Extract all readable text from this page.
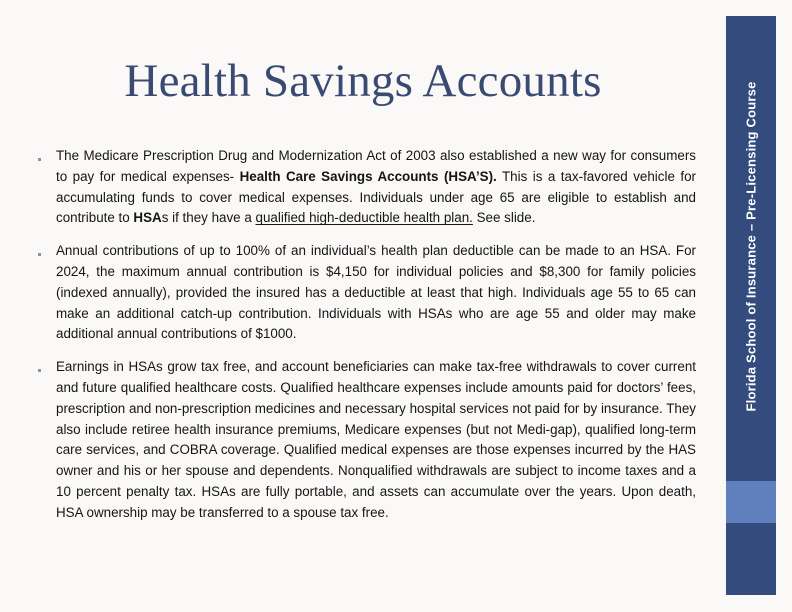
Health Savings Accounts
The Medicare Prescription Drug and Modernization Act of 2003 also established a new way for consumers to pay for medical expenses- Health Care Savings Accounts (HSA’S). This is a tax-favored vehicle for accumulating funds to cover medical expenses. Individuals under age 65 are eligible to establish and contribute to HSAs if they have a qualified high-deductible health plan. See slide.
Annual contributions of up to 100% of an individual’s health plan deductible can be made to an HSA. For 2024, the maximum annual contribution is $4,150 for individual policies and $8,300 for family policies (indexed annually), provided the insured has a deductible at least that high. Individuals age 55 to 65 can make an additional catch-up contribution. Individuals with HSAs who are age 55 and older may make additional annual contributions of $1000.
Earnings in HSAs grow tax free, and account beneficiaries can make tax-free withdrawals to cover current and future qualified healthcare costs. Qualified healthcare expenses include amounts paid for doctors’ fees, prescription and non-prescription medicines and necessary hospital services not paid for by insurance. They also include retiree health insurance premiums, Medicare expenses (but not Medi-gap), qualified long-term care services, and COBRA coverage. Qualified medical expenses are those expenses incurred by the HAS owner and his or her spouse and dependents. Nonqualified withdrawals are subject to income taxes and a 10 percent penalty tax. HSAs are fully portable, and assets can accumulate over the years. Upon death, HSA ownership may be transferred to a spouse tax free.
Florida School of Insurance – Pre-Licensing Course
